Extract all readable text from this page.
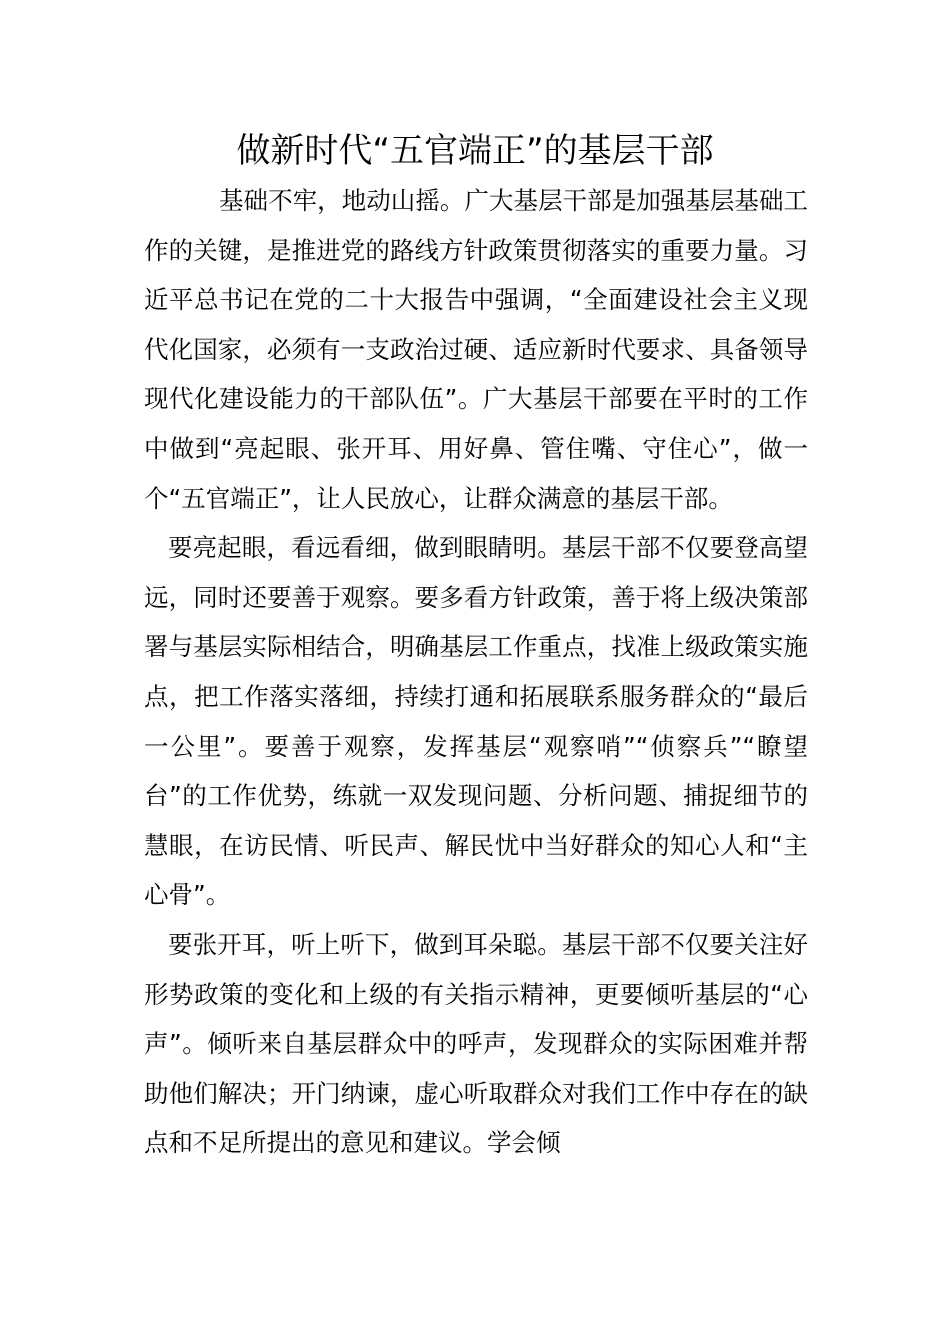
做新时代“五官端正”的基层干部

基础不牢，地动山摇。广大基层干部是加强基层基础工作的关键，是推进党的路线方针政策贯彻落实的重要力量。习近平总书记在党的二十大报告中强调，“全面建设社会主义现代化国家，必须有一支政治过硬、适应新时代要求、具备领导现代化建设能力的干部队伍”。广大基层干部要在平时的工作中做到“亮起眼、张开耳、用好鼻、管住嘴、守住心”，做一个“五官端正”，让人民放心，让群众满意的基层干部。

要亮起眼，看远看细，做到眼睛明。基层干部不仅要登高望远，同时还要善于观察。要多看方针政策，善于将上级决策部署与基层实际相结合，明确基层工作重点，找准上级政策实施点，把工作落实落细，持续打通和拓展联系服务群众的“最后一公里”。要善于观察，发挥基层“观察哨”“侦察兵”“瞭望台”的工作优势，练就一双发现问题、分析问题、捕捉细节的慧眼，在访民情、听民声、解民忧中当好群众的知心人和“主心骨”。

要张开耳，听上听下，做到耳朵聪。基层干部不仅要关注好形势政策的变化和上级的有关指示精神，更要倾听基层的“心声”。倾听来自基层群众中的呼声，发现群众的实际困难并帮助他们解决；开门纳谏，虚心听取群众对我们工作中存在的缺点和不足所提出的意见和建议。学会倾
